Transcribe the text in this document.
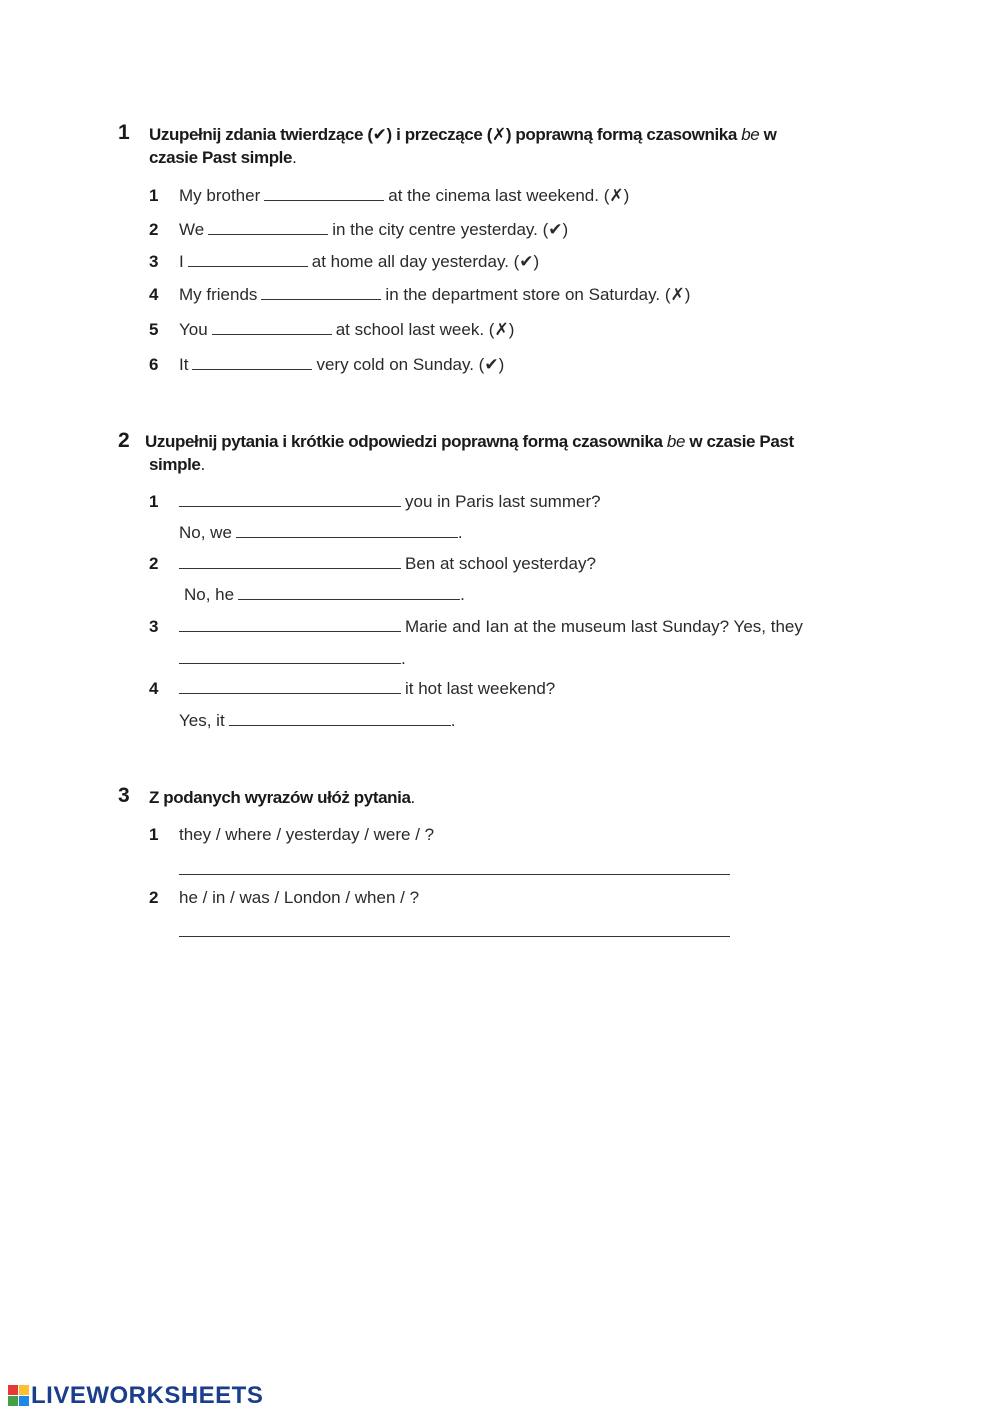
1 Uzupełnij zdania twierdzące (✔) i przeczące (✗) poprawną formą czasownika be w
czasie Past simple.
1 My brother	at the cinema last weekend. (✗)
2 We	in the city centre yesterday. (✔)
3 I	at home all day yesterday. (✔)
4 My friends	in the department store on Saturday. (✗)
5 You	at school last week. (✗)
6 It	very cold on Sunday. (✔)
2 Uzupełnij pytania i krótkie odpowiedzi poprawną formą czasownika be w czasie Past
simple.
1	you in Paris last summer?
No, we	.
2	Ben at school yesterday?
No, he	.
3	Marie and Ian at the museum last Sunday? Yes, they
.
4	it hot last weekend?
Yes, it	.
3 Z podanych wyrazów ułóż pytania.
1 they / where / yesterday / were / ?
2 he / in / was / London / when / ?
LIVEWORKSHEETS
